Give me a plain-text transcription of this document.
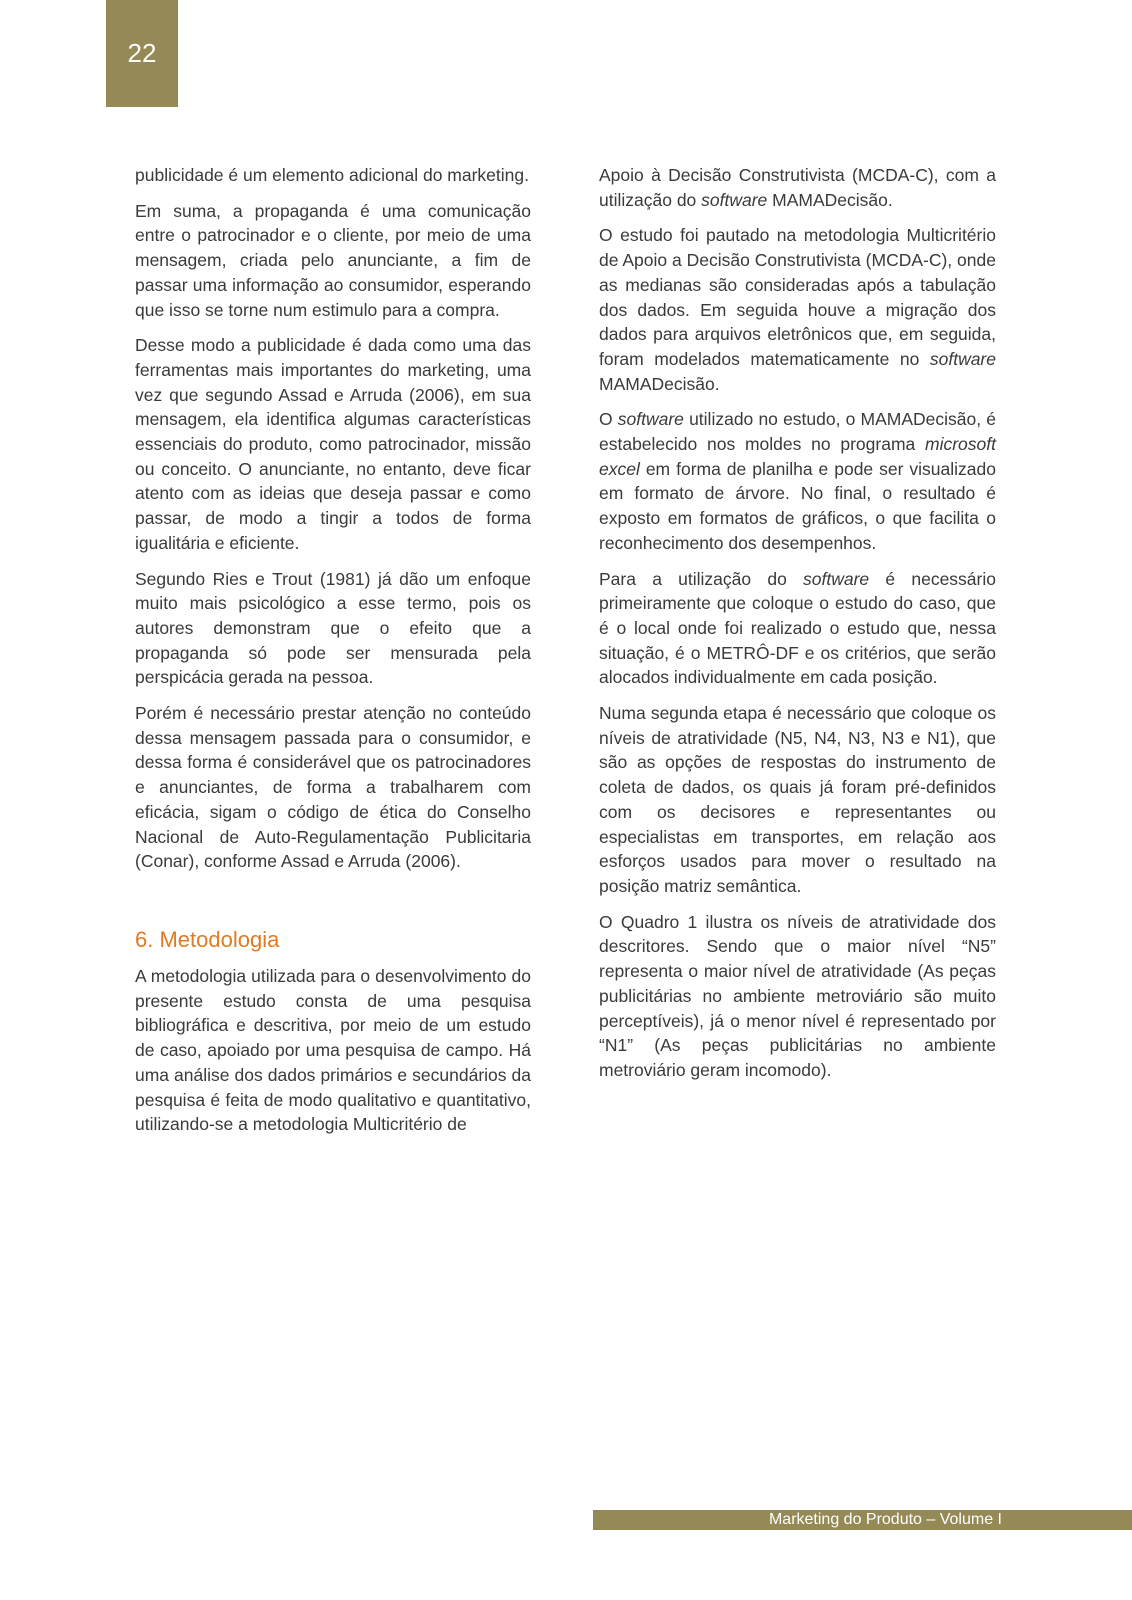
22

publicidade é um elemento adicional do marketing.

Em suma, a propaganda é uma comunicação entre o patrocinador e o cliente, por meio de uma mensagem, criada pelo anunciante, a fim de passar uma informação ao consumidor, esperando que isso se torne num estimulo para a compra.

Desse modo a publicidade é dada como uma das ferramentas mais importantes do marketing, uma vez que segundo Assad e Arruda (2006), em sua mensagem, ela identifica algumas características essenciais do produto, como patrocinador, missão ou conceito. O anunciante, no entanto, deve ficar atento com as ideias que deseja passar e como passar, de modo a tingir a todos de forma igualitária e eficiente.

Segundo Ries e Trout (1981) já dão um enfoque muito mais psicológico a esse termo, pois os autores demonstram que o efeito que a propaganda só pode ser mensurada pela perspicácia gerada na pessoa.

Porém é necessário prestar atenção no conteúdo dessa mensagem passada para o consumidor, e dessa forma é considerável que os patrocinadores e anunciantes, de forma a trabalharem com eficácia, sigam o código de ética do Conselho Nacional de Auto-Regulamentação Publicitaria (Conar), conforme Assad e Arruda (2006).

6. Metodologia

A metodologia utilizada para o desenvolvimento do presente estudo consta de uma pesquisa bibliográfica e descritiva, por meio de um estudo de caso, apoiado por uma pesquisa de campo. Há uma análise dos dados primários e secundários da pesquisa é feita de modo qualitativo e quantitativo, utilizando-se a metodologia Multicritério de

Apoio à Decisão Construtivista (MCDA-C), com a utilização do software MAMADecisão.

O estudo foi pautado na metodologia Multicritério de Apoio a Decisão Construtivista (MCDA-C), onde as medianas são consideradas após a tabulação dos dados. Em seguida houve a migração dos dados para arquivos eletrônicos que, em seguida, foram modelados matematicamente no software MAMADecisão.

O software utilizado no estudo, o MAMADecisão, é estabelecido nos moldes no programa microsoft excel em forma de planilha e pode ser visualizado em formato de árvore. No final, o resultado é exposto em formatos de gráficos, o que facilita o reconhecimento dos desempenhos.

Para a utilização do software é necessário primeiramente que coloque o estudo do caso, que é o local onde foi realizado o estudo que, nessa situação, é o METRÔ-DF e os critérios, que serão alocados individualmente em cada posição.

Numa segunda etapa é necessário que coloque os níveis de atratividade (N5, N4, N3, N3 e N1), que são as opções de respostas do instrumento de coleta de dados, os quais já foram pré-definidos com os decisores e representantes ou especialistas em transportes, em relação aos esforços usados para mover o resultado na posição matriz semântica.

O Quadro 1 ilustra os níveis de atratividade dos descritores. Sendo que o maior nível “N5” representa o maior nível de atratividade (As peças publicitárias no ambiente metroviário são muito perceptíveis), já o menor nível é representado por “N1” (As peças publicitárias no ambiente metroviário geram incomodo).

Marketing do Produto – Volume I
